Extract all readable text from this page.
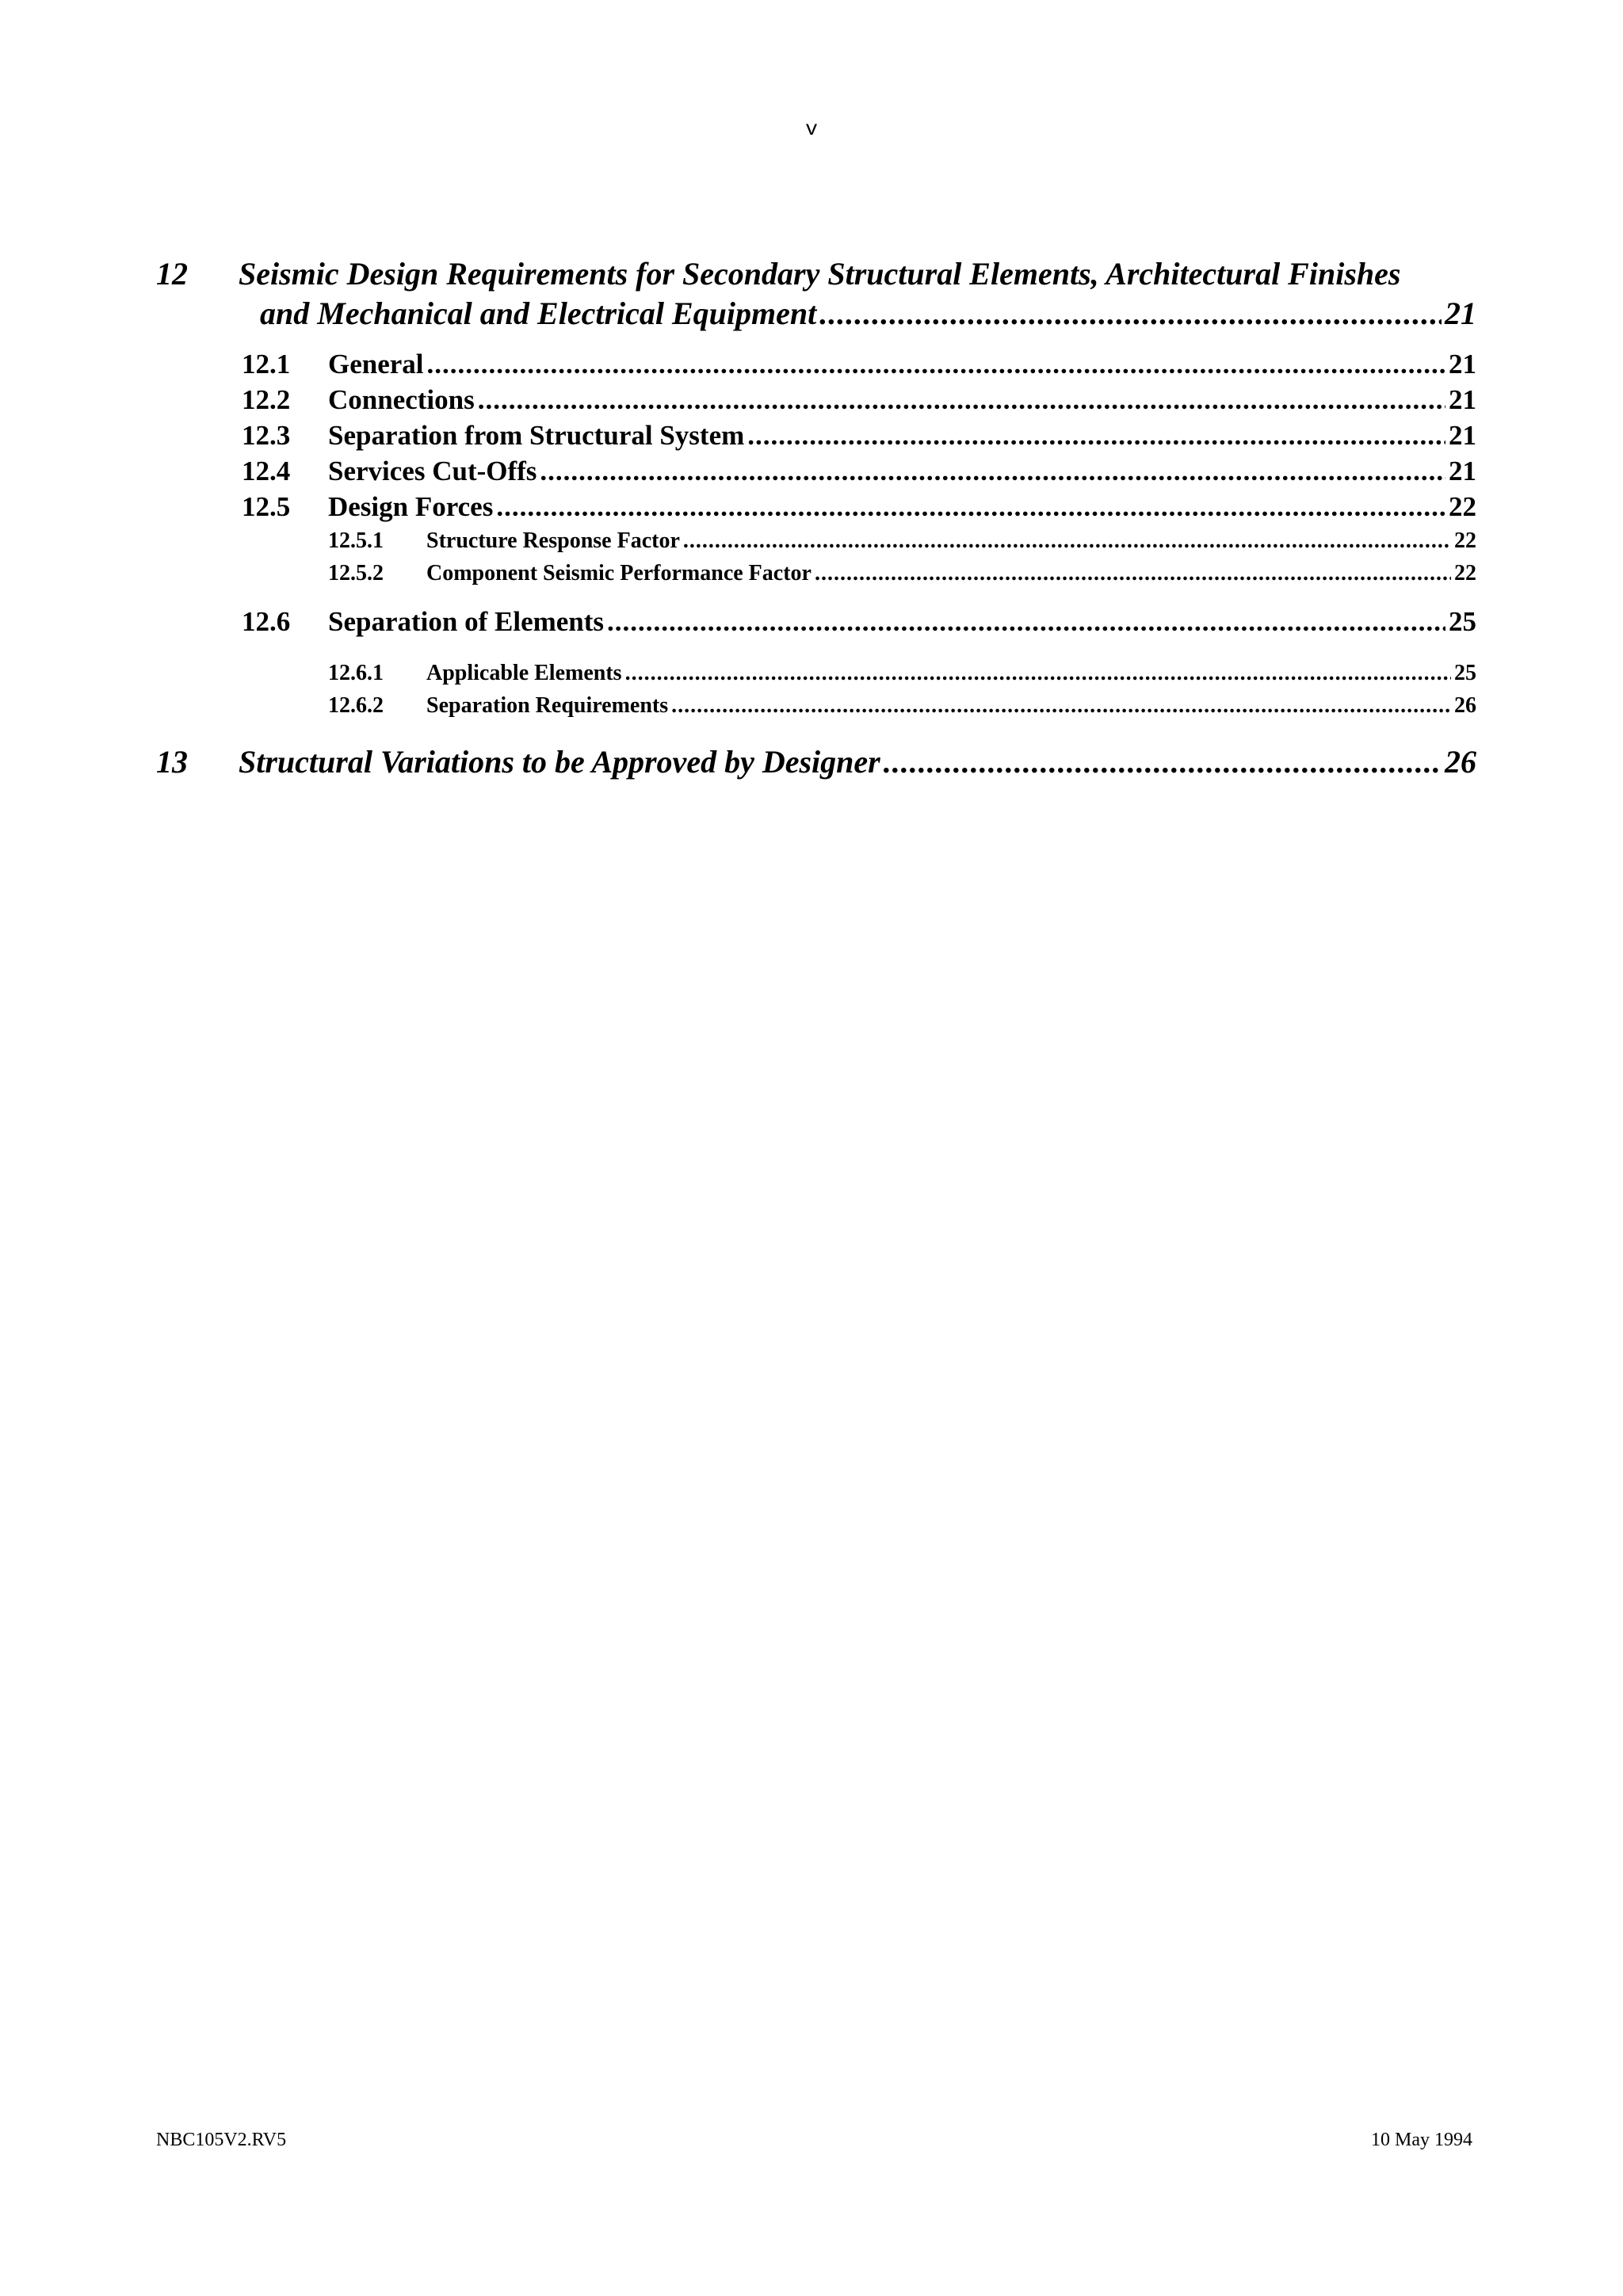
v
12 Seismic Design Requirements for Secondary Structural Elements, Architectural Finishes
and Mechanical and Electrical Equipment .....	21
12.1 General .....	21
12.2 Connections .....	21
12.3 Separation from Structural System .....	21
12.4 Services Cut-Offs .....	21
12.5 Design Forces .....	22
12.5.1 Structure Response Factor .....	22
12.5.2 Component Seismic Performance Factor .....	22
12.6 Separation of Elements .....	25
12.6.1 Applicable Elements .....	25
12.6.2 Separation Requirements .....	26
13 Structural Variations to be Approved by Designer .....	26
NBC105V2.RV5	10 May 1994
